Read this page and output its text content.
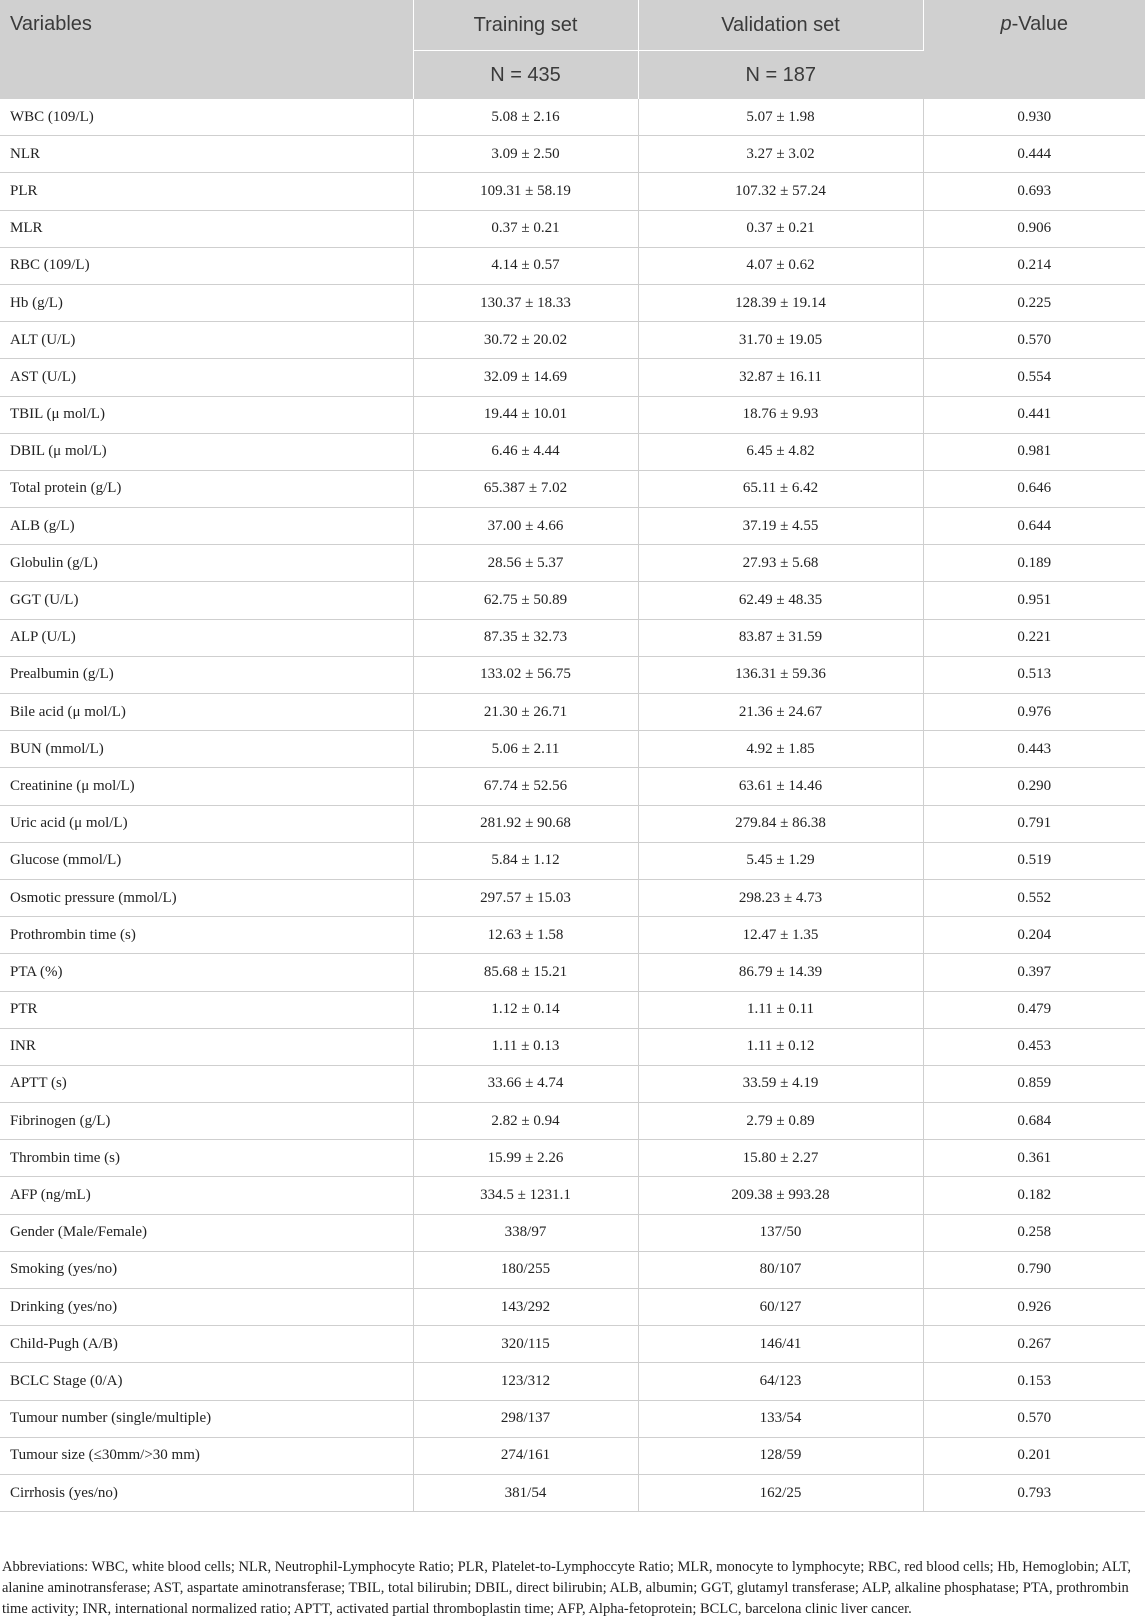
Variables	Training set	Validation set	p-Value
	N = 435	N = 187	
WBC (109/L)	5.08 ± 2.16	5.07 ± 1.98	0.930
NLR	3.09 ± 2.50	3.27 ± 3.02	0.444
PLR	109.31 ± 58.19	107.32 ± 57.24	0.693
MLR	0.37 ± 0.21	0.37 ± 0.21	0.906
RBC (109/L)	4.14 ± 0.57	4.07 ± 0.62	0.214
Hb (g/L)	130.37 ± 18.33	128.39 ± 19.14	0.225
ALT (U/L)	30.72 ± 20.02	31.70 ± 19.05	0.570
AST (U/L)	32.09 ± 14.69	32.87 ± 16.11	0.554
TBIL (μ mol/L)	19.44 ± 10.01	18.76 ± 9.93	0.441
DBIL (μ mol/L)	6.46 ± 4.44	6.45 ± 4.82	0.981
Total protein (g/L)	65.387 ± 7.02	65.11 ± 6.42	0.646
ALB (g/L)	37.00 ± 4.66	37.19 ± 4.55	0.644
Globulin (g/L)	28.56 ± 5.37	27.93 ± 5.68	0.189
GGT (U/L)	62.75 ± 50.89	62.49 ± 48.35	0.951
ALP (U/L)	87.35 ± 32.73	83.87 ± 31.59	0.221
Prealbumin (g/L)	133.02 ± 56.75	136.31 ± 59.36	0.513
Bile acid (μ mol/L)	21.30 ± 26.71	21.36 ± 24.67	0.976
BUN (mmol/L)	5.06 ± 2.11	4.92 ± 1.85	0.443
Creatinine (μ mol/L)	67.74 ± 52.56	63.61 ± 14.46	0.290
Uric acid (μ mol/L)	281.92 ± 90.68	279.84 ± 86.38	0.791
Glucose (mmol/L)	5.84 ± 1.12	5.45 ± 1.29	0.519
Osmotic pressure (mmol/L)	297.57 ± 15.03	298.23 ± 4.73	0.552
Prothrombin time (s)	12.63 ± 1.58	12.47 ± 1.35	0.204
PTA (%)	85.68 ± 15.21	86.79 ± 14.39	0.397
PTR	1.12 ± 0.14	1.11 ± 0.11	0.479
INR	1.11 ± 0.13	1.11 ± 0.12	0.453
APTT (s)	33.66 ± 4.74	33.59 ± 4.19	0.859
Fibrinogen (g/L)	2.82 ± 0.94	2.79 ± 0.89	0.684
Thrombin time (s)	15.99 ± 2.26	15.80 ± 2.27	0.361
AFP (ng/mL)	334.5 ± 1231.1	209.38 ± 993.28	0.182
Gender (Male/Female)	338/97	137/50	0.258
Smoking (yes/no)	180/255	80/107	0.790
Drinking (yes/no)	143/292	60/127	0.926
Child-Pugh (A/B)	320/115	146/41	0.267
BCLC Stage (0/A)	123/312	64/123	0.153
Tumour number (single/multiple)	298/137	133/54	0.570
Tumour size (≤30mm/>30 mm)	274/161	128/59	0.201
Cirrhosis (yes/no)	381/54	162/25	0.793
Abbreviations: WBC, white blood cells; NLR, Neutrophil-Lymphocyte Ratio; PLR, Platelet-to-Lymphoccyte Ratio; MLR, monocyte to lymphocyte; RBC, red blood cells; Hb, Hemoglobin; ALT, alanine aminotransferase; AST, aspartate aminotransferase; TBIL, total bilirubin; DBIL, direct bilirubin; ALB, albumin; GGT, glutamyl transferase; ALP, alkaline phosphatase; PTA, prothrombin time activity; INR, international normalized ratio; APTT, activated partial thromboplastin time; AFP, Alpha-fetoprotein; BCLC, barcelona clinic liver cancer.
